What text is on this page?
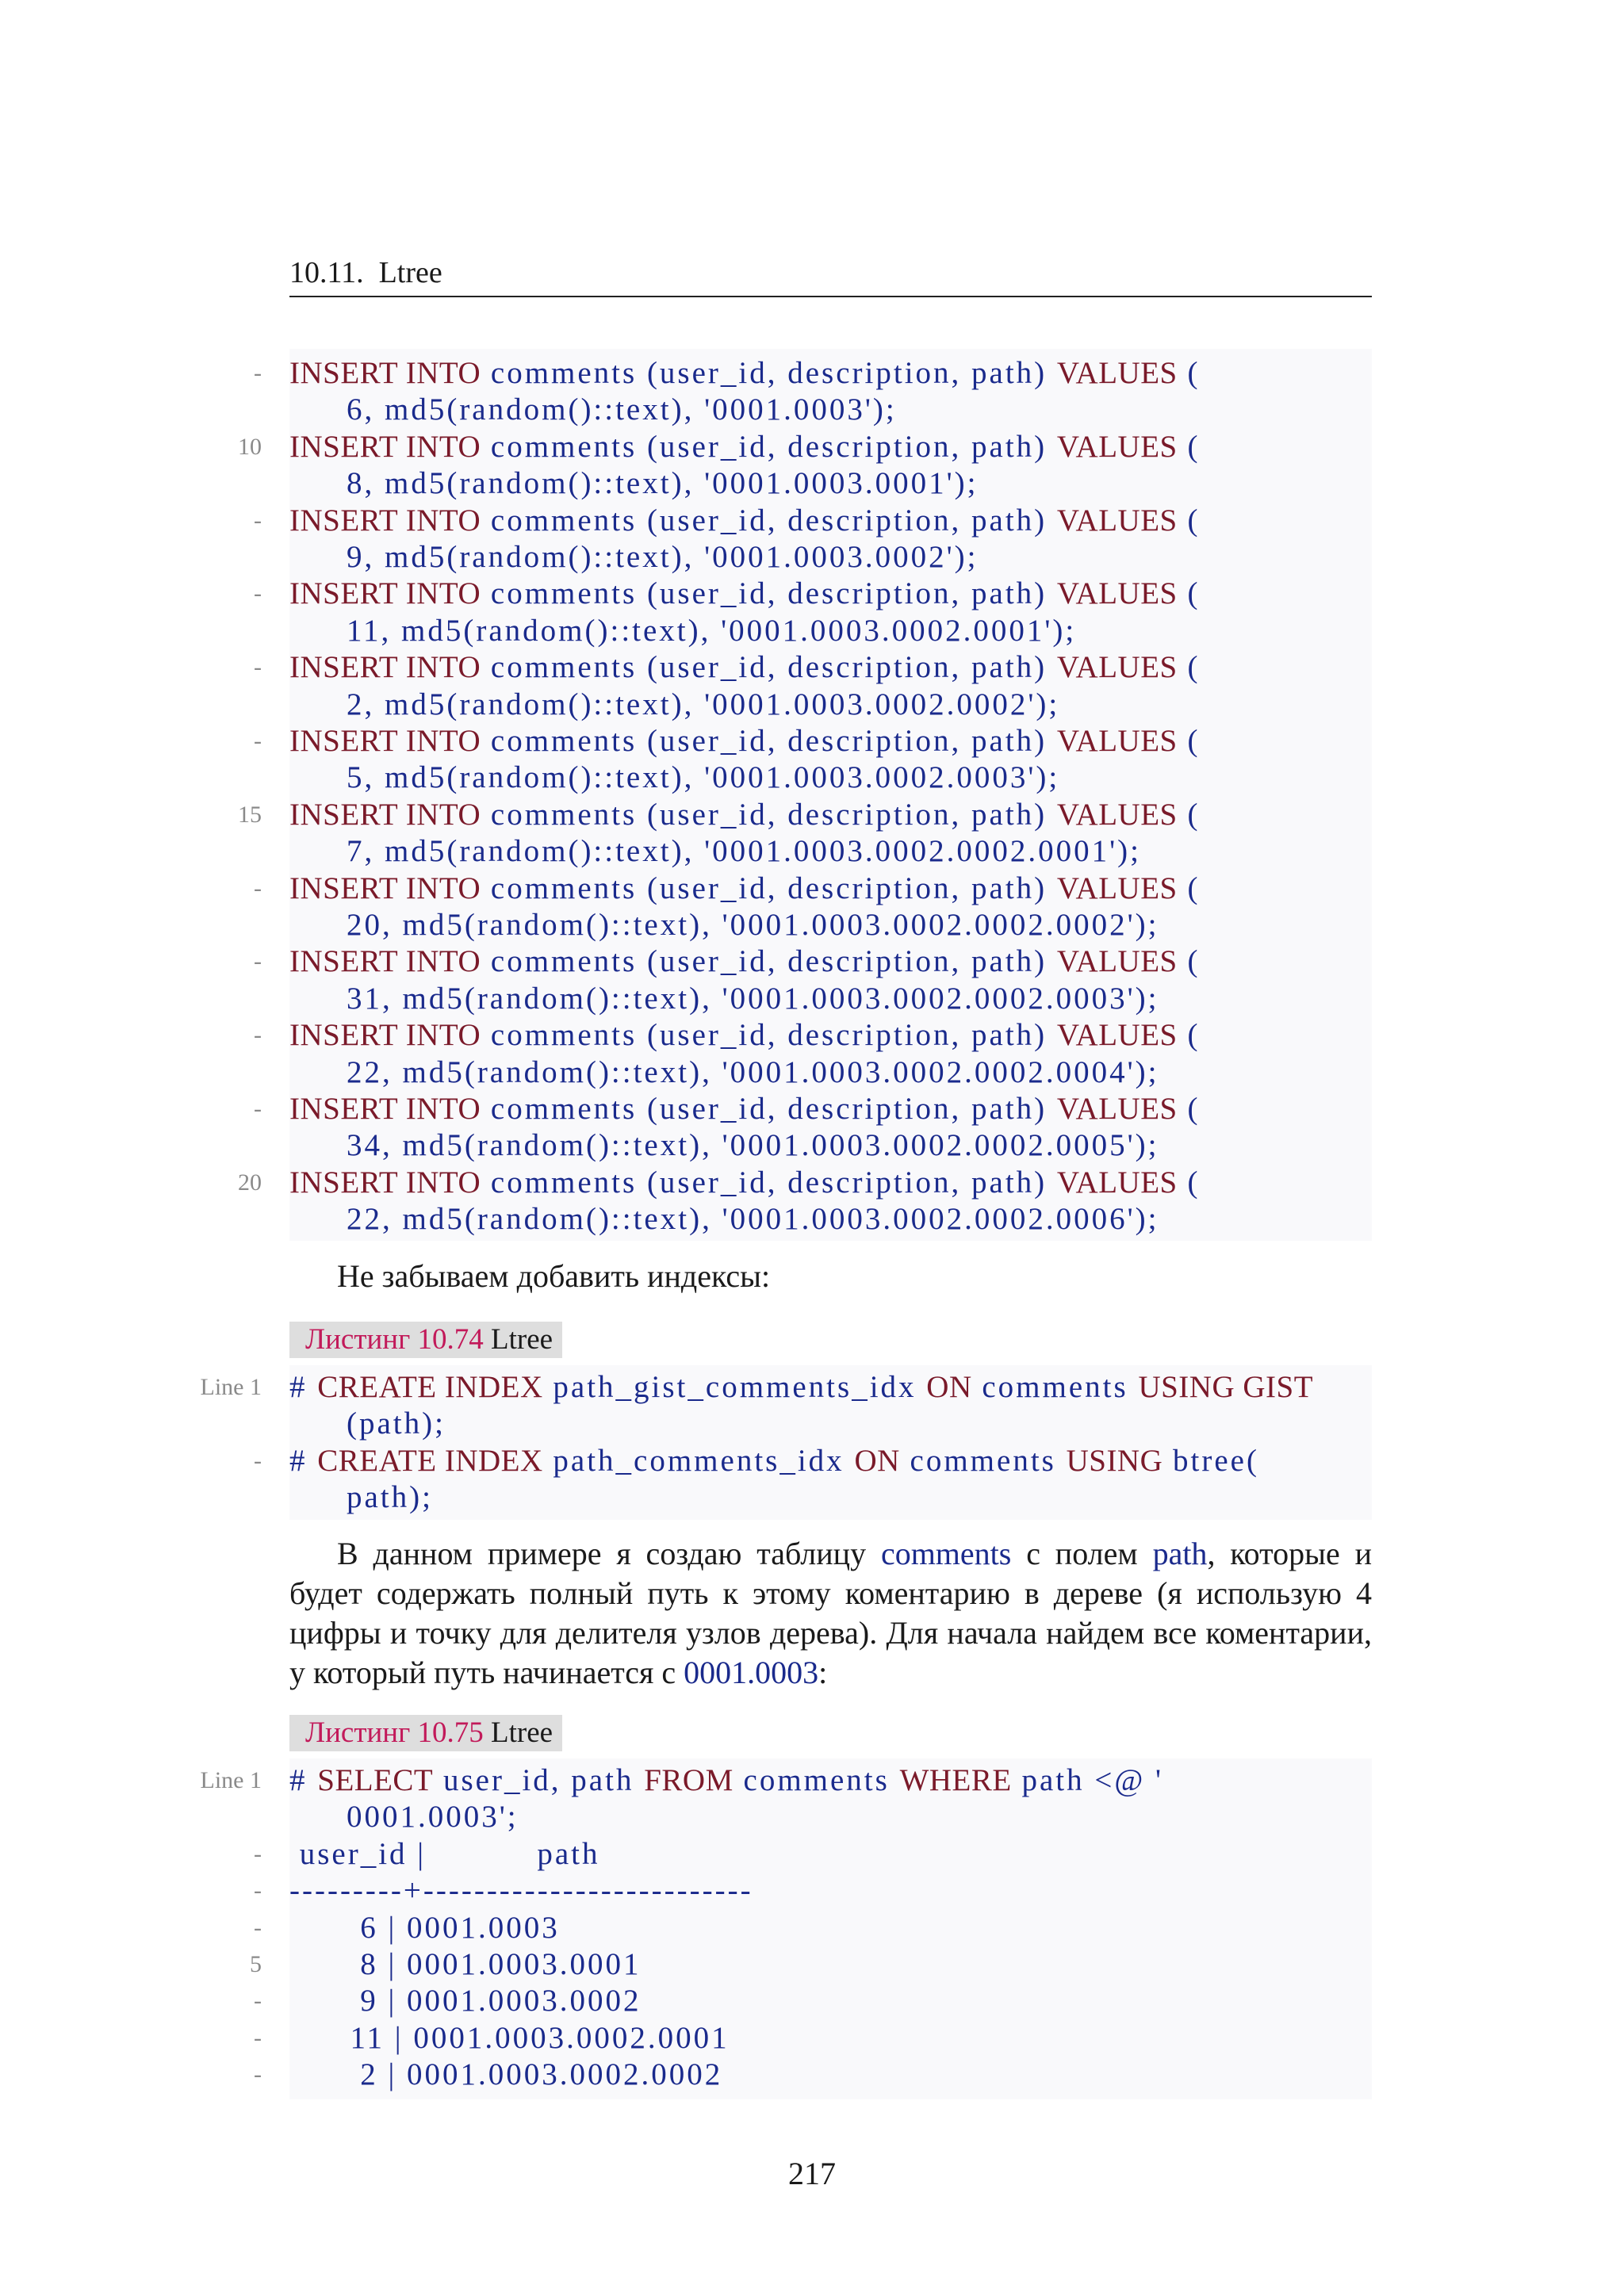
10.11.  Ltree
INSERT INTO comments (user_id, description, path) VALUES (
6, md5(random()::text), '0001.0003');
INSERT INTO comments (user_id, description, path) VALUES (
8, md5(random()::text), '0001.0003.0001');
INSERT INTO comments (user_id, description, path) VALUES (
9, md5(random()::text), '0001.0003.0002');
INSERT INTO comments (user_id, description, path) VALUES (
11, md5(random()::text), '0001.0003.0002.0001');
INSERT INTO comments (user_id, description, path) VALUES (
2, md5(random()::text), '0001.0003.0002.0002');
INSERT INTO comments (user_id, description, path) VALUES (
5, md5(random()::text), '0001.0003.0002.0003');
INSERT INTO comments (user_id, description, path) VALUES (
7, md5(random()::text), '0001.0003.0002.0002.0001');
INSERT INTO comments (user_id, description, path) VALUES (
20, md5(random()::text), '0001.0003.0002.0002.0002');
INSERT INTO comments (user_id, description, path) VALUES (
31, md5(random()::text), '0001.0003.0002.0002.0003');
INSERT INTO comments (user_id, description, path) VALUES (
22, md5(random()::text), '0001.0003.0002.0002.0004');
INSERT INTO comments (user_id, description, path) VALUES (
34, md5(random()::text), '0001.0003.0002.0002.0005');
INSERT INTO comments (user_id, description, path) VALUES (
22, md5(random()::text), '0001.0003.0002.0002.0006');
-
10
-
-
-
-
15
-
-
-
-
20
Не забываем добавить индексы:
Листинг 10.74 Ltree
# CREATE INDEX path_gist_comments_idx ON comments USING GIST
(path);
# CREATE INDEX path_comments_idx ON comments USING btree(
path);
Line 1
-
В данном примере я создаю таблицу comments с полем path, которые и будет содержать полный путь к этому коментарию в дереве (я использую 4 цифры и точку для делителя узлов дерева). Для начала найдем все коментарии, у который путь начинается с 0001.0003:
Листинг 10.75 Ltree
# SELECT user_id, path FROM comments WHERE path <@ '
0001.0003';
user_id |           path
---------+--------------------------
6 | 0001.0003
8 | 0001.0003.0001
9 | 0001.0003.0002
11 | 0001.0003.0002.0001
2 | 0001.0003.0002.0002
Line 1
-
-
-
5
-
-
-
217
